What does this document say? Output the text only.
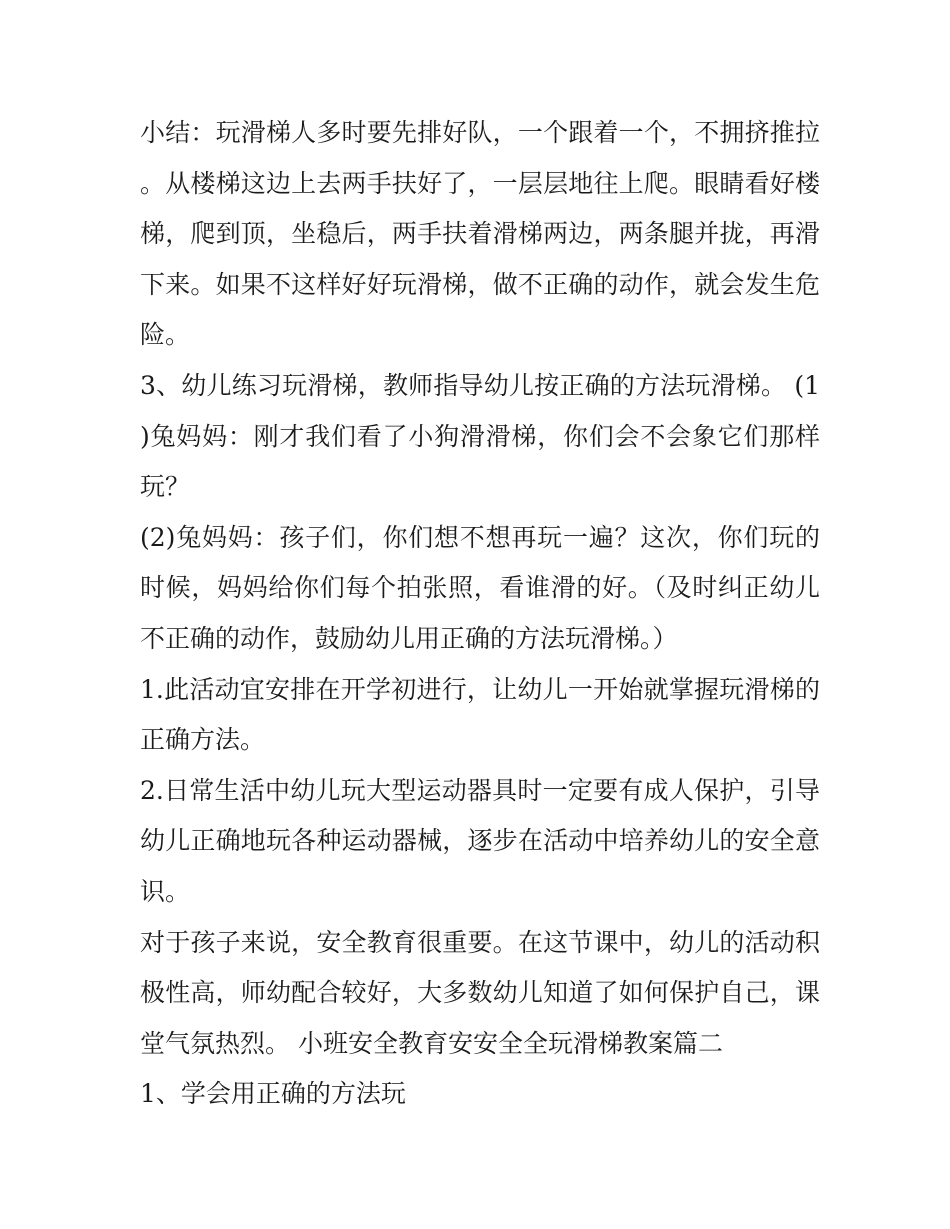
小结：玩滑梯人多时要先排好队，一个跟着一个，不拥挤推拉。从楼梯这边上去两手扶好了，一层层地往上爬。眼睛看好楼梯，爬到顶，坐稳后，两手扶着滑梯两边，两条腿并拢，再滑下来。如果不这样好好玩滑梯，做不正确的动作，就会发生危险。

3、幼儿练习玩滑梯，教师指导幼儿按正确的方法玩滑梯。 (1)兔妈妈：刚才我们看了小狗滑滑梯，你们会不会象它们那样玩？

(2)兔妈妈：孩子们，你们想不想再玩一遍？这次，你们玩的时候，妈妈给你们每个拍张照，看谁滑的好。（及时纠正幼儿不正确的动作，鼓励幼儿用正确的方法玩滑梯。）

1.此活动宜安排在开学初进行，让幼儿一开始就掌握玩滑梯的正确方法。

2.日常生活中幼儿玩大型运动器具时一定要有成人保护，引导幼儿正确地玩各种运动器械，逐步在活动中培养幼儿的安全意识。

对于孩子来说，安全教育很重要。在这节课中，幼儿的活动积极性高，师幼配合较好，大多数幼儿知道了如何保护自己，课堂气氛热烈。 小班安全教育安安全全玩滑梯教案篇二

1、学会用正确的方法玩
